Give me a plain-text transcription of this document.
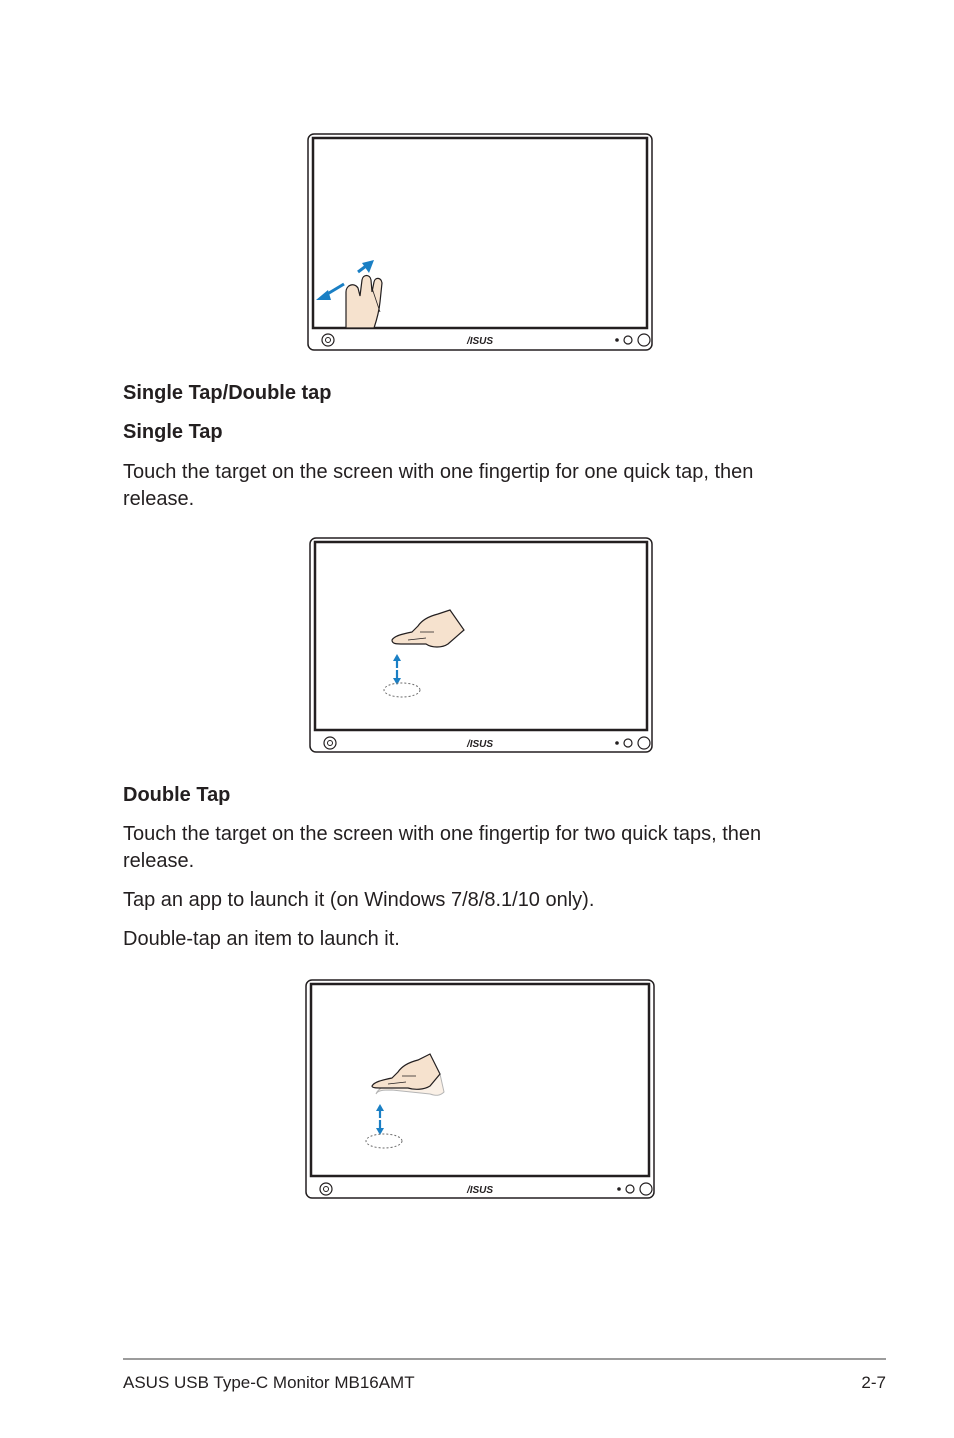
/ISUS
Single Tap/Double tap
Single Tap

Touch the target on the screen with one fingertip for one quick tap, then
release.

/ISUS
Double Tap

Touch the target on the screen with one fingertip for two quick taps, then
release.

Tap an app to launch it (on Windows 7/8/8.1/10 only).

Double-tap an item to launch it.

/ISUS
ASUS USB Type-C Monitor MB16AMT	2-7
